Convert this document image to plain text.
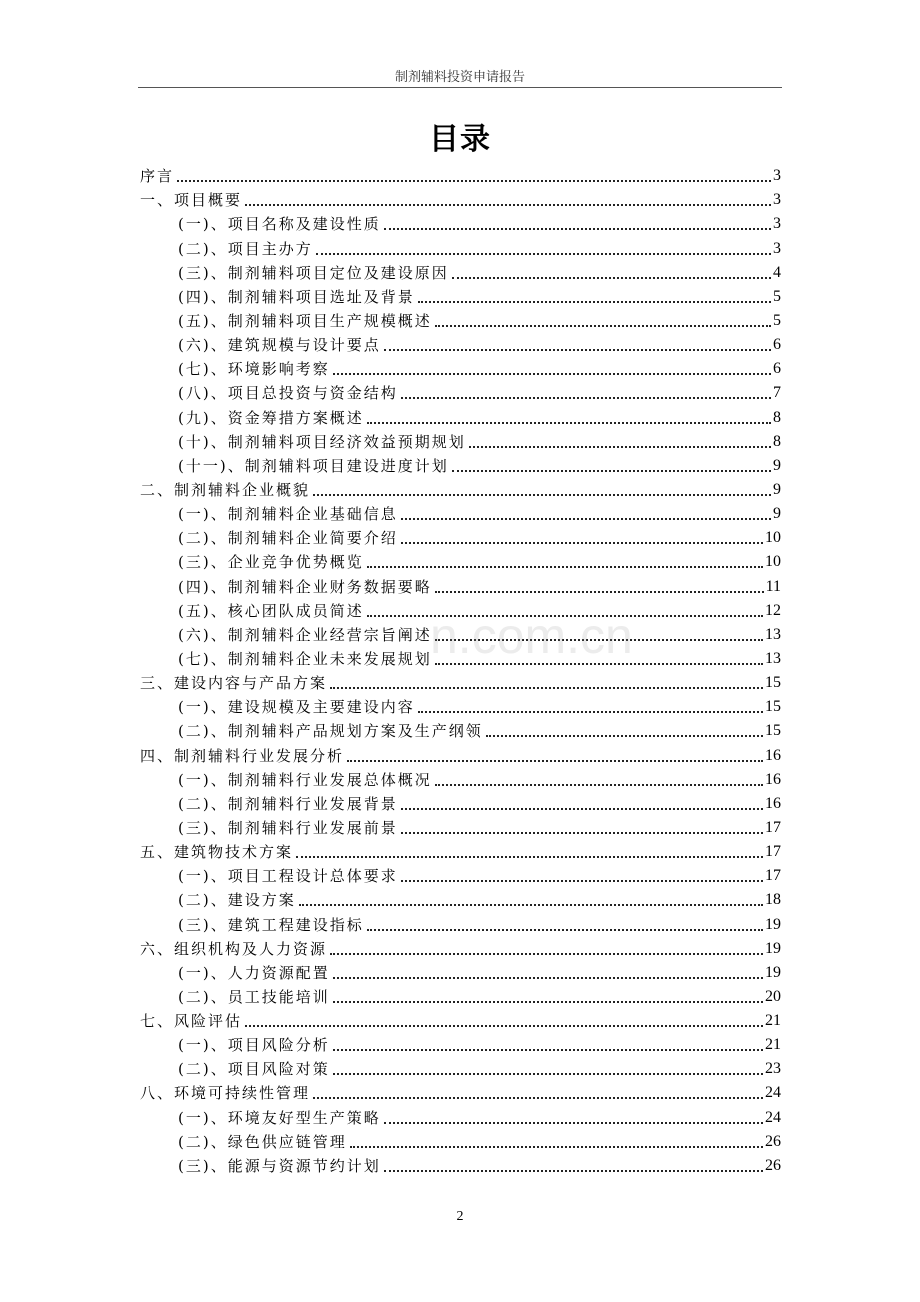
制剂辅料投资申请报告
目录
序言	3
一、项目概要	3
(一)、项目名称及建设性质	3
(二)、项目主办方	3
(三)、制剂辅料项目定位及建设原因	4
(四)、制剂辅料项目选址及背景	5
(五)、制剂辅料项目生产规模概述	5
(六)、建筑规模与设计要点	6
(七)、环境影响考察	6
(八)、项目总投资与资金结构	7
(九)、资金筹措方案概述	8
(十)、制剂辅料项目经济效益预期规划	8
(十一)、制剂辅料项目建设进度计划	9
二、制剂辅料企业概貌	9
(一)、制剂辅料企业基础信息	9
(二)、制剂辅料企业简要介绍	10
(三)、企业竞争优势概览	10
(四)、制剂辅料企业财务数据要略	11
(五)、核心团队成员简述	12
(六)、制剂辅料企业经营宗旨阐述	13
(七)、制剂辅料企业未来发展规划	13
三、建设内容与产品方案	15
(一)、建设规模及主要建设内容	15
(二)、制剂辅料产品规划方案及生产纲领	15
四、制剂辅料行业发展分析	16
(一)、制剂辅料行业发展总体概况	16
(二)、制剂辅料行业发展背景	16
(三)、制剂辅料行业发展前景	17
五、建筑物技术方案	17
(一)、项目工程设计总体要求	17
(二)、建设方案	18
(三)、建筑工程建设指标	19
六、组织机构及人力资源	19
(一)、人力资源配置	19
(二)、员工技能培训	20
七、风险评估	21
(一)、项目风险分析	21
(二)、项目风险对策	23
八、环境可持续性管理	24
(一)、环境友好型生产策略	24
(二)、绿色供应链管理	26
(三)、能源与资源节约计划	26
n.com.cn
2
